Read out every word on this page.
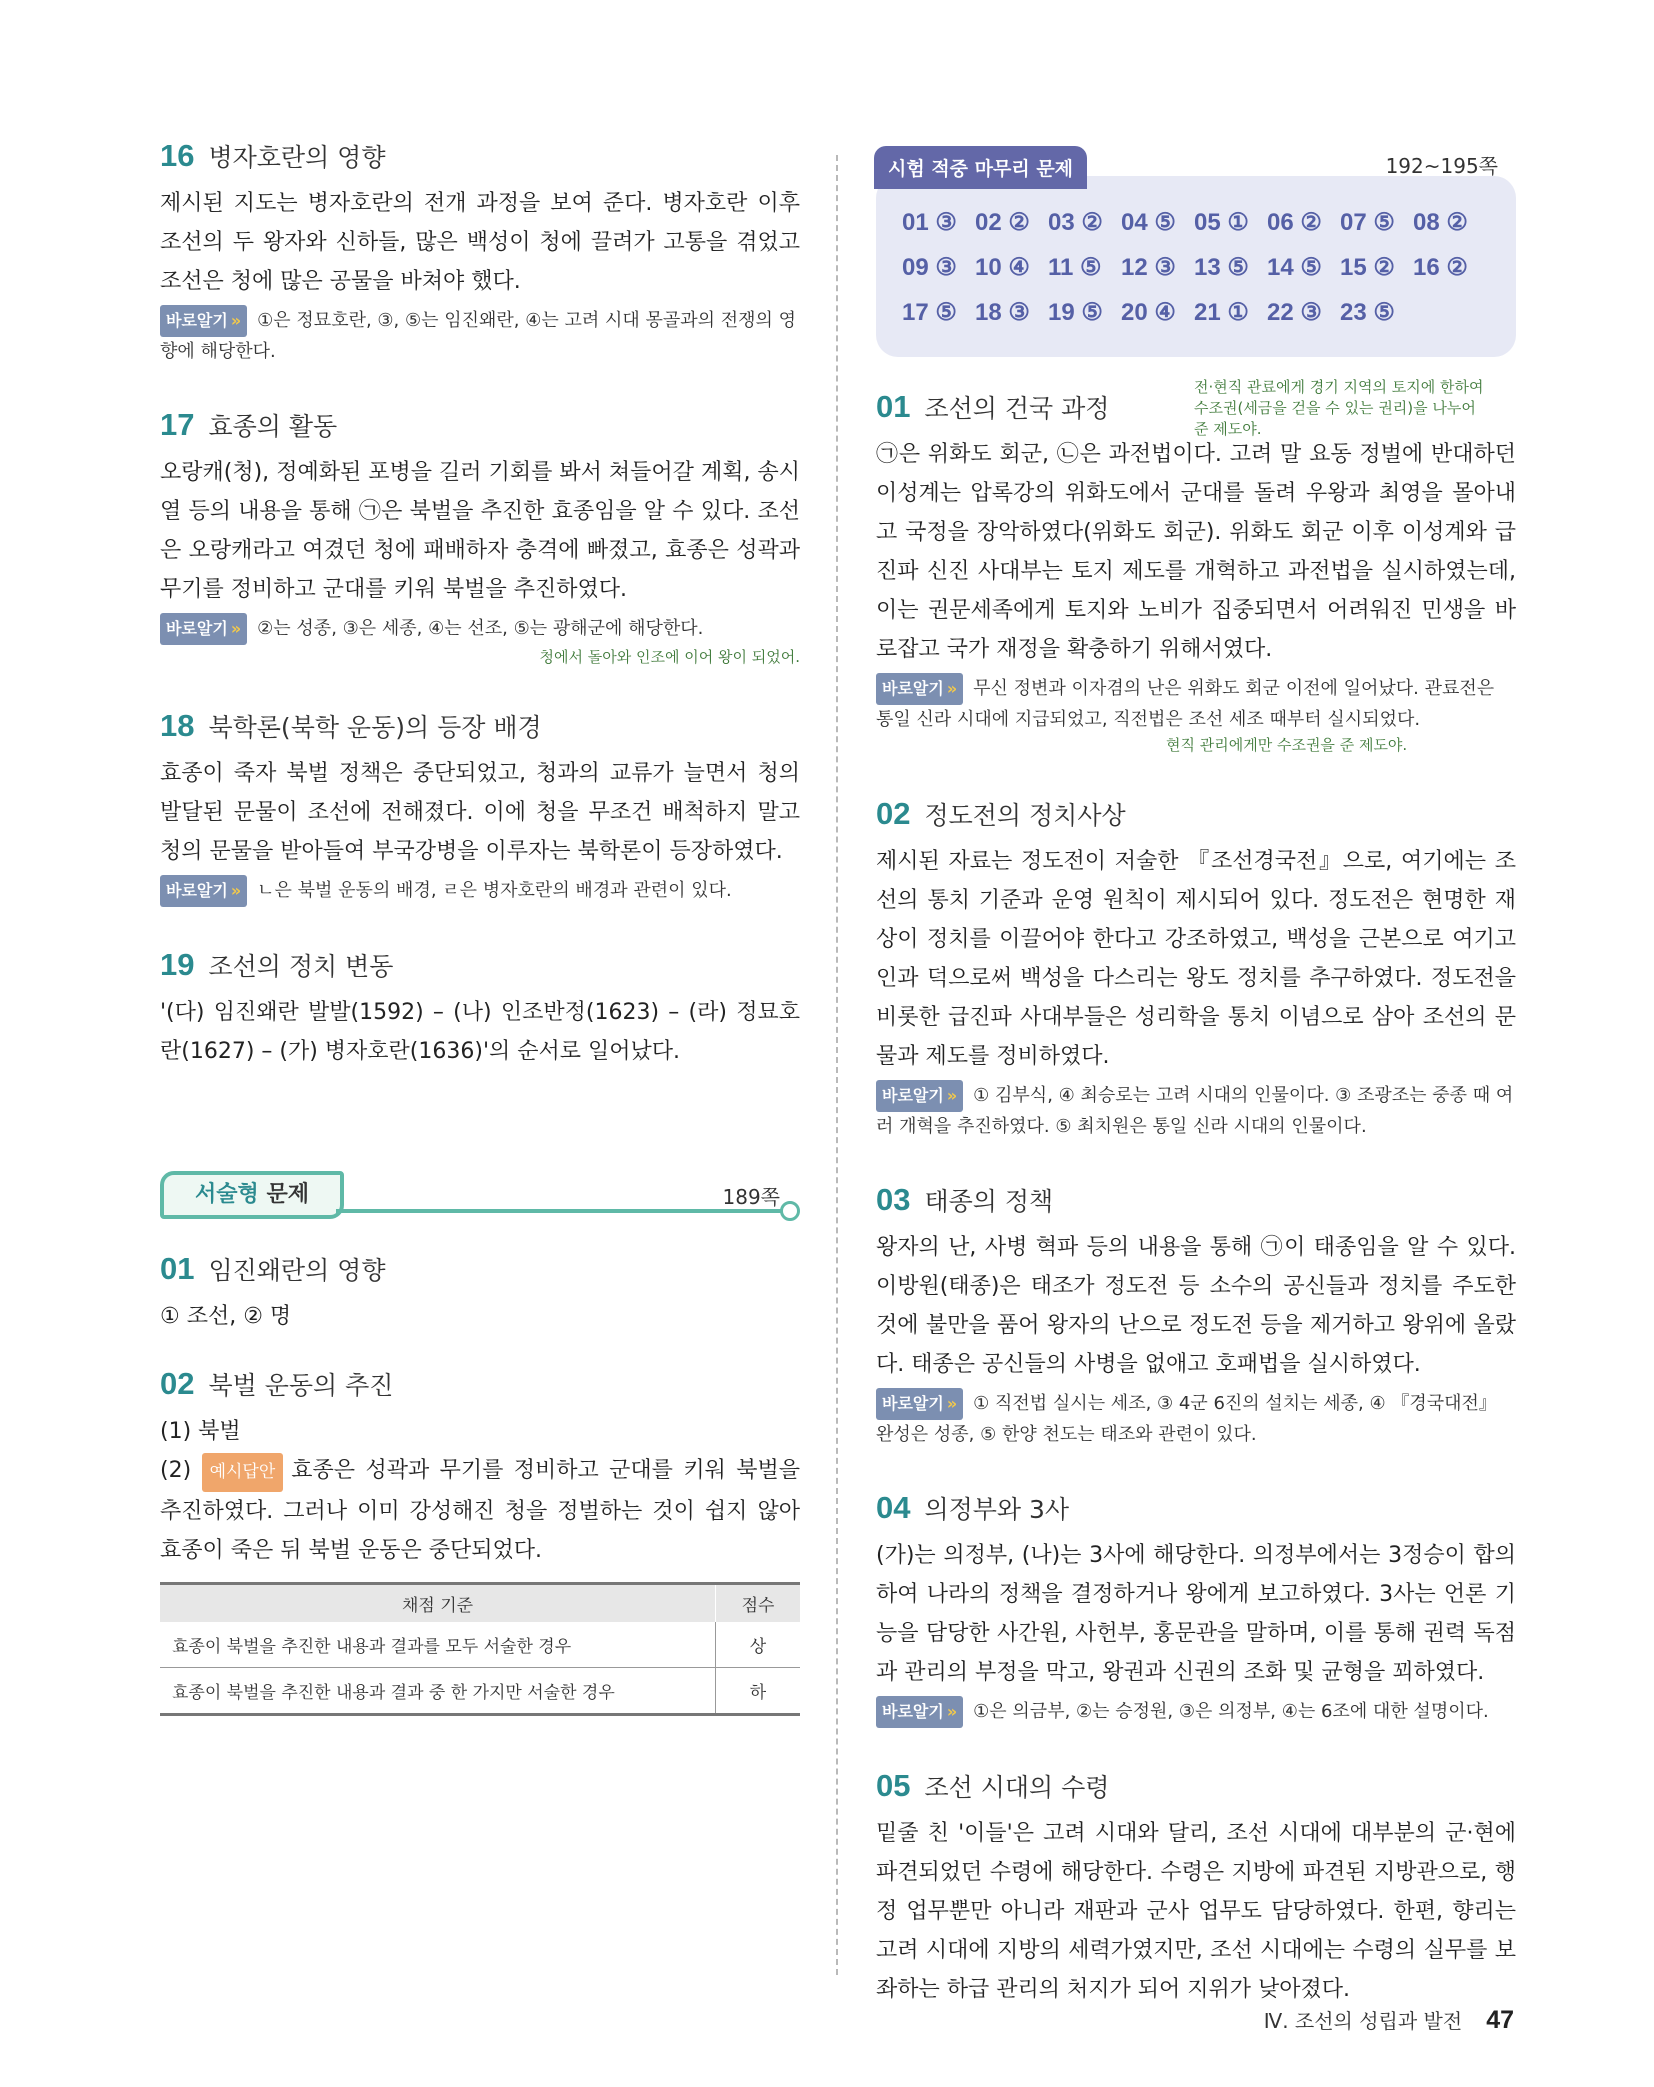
16 병자호란의 영향
제시된 지도는 병자호란의 전개 과정을 보여 준다. 병자호란 이후 조선의 두 왕자와 신하들, 많은 백성이 청에 끌려가 고통을 겪었고 조선은 청에 많은 공물을 바쳐야 했다.
바로알기 » ①은 정묘호란, ③, ⑤는 임진왜란, ④는 고려 시대 몽골과의 전쟁의 영향에 해당한다.
17 효종의 활동
오랑캐(청), 정예화된 포병을 길러 기회를 봐서 쳐들어갈 계획, 송시열 등의 내용을 통해 ㉠은 북벌을 추진한 효종임을 알 수 있다. 조선은 오랑캐라고 여겼던 청에 패배하자 충격에 빠졌고, 효종은 성곽과 무기를 정비하고 군대를 키워 북벌을 추진하였다.
바로알기 » ②는 성종, ③은 세종, ④는 선조, ⑤는 광해군에 해당한다.
청에서 돌아와 인조에 이어 왕이 되었어.
18 북학론(북학 운동)의 등장 배경
효종이 죽자 북벌 정책은 중단되었고, 청과의 교류가 늘면서 청의 발달된 문물이 조선에 전해졌다. 이에 청을 무조건 배척하지 말고 청의 문물을 받아들여 부국강병을 이루자는 북학론이 등장하였다.
바로알기 » ㄴ은 북벌 운동의 배경, ㄹ은 병자호란의 배경과 관련이 있다.
19 조선의 정치 변동
'(다) 임진왜란 발발(1592) – (나) 인조반정(1623) – (라) 정묘호란(1627) – (가) 병자호란(1636)'의 순서로 일어났다.
서술형 문제	189쪽
01 임진왜란의 영향
① 조선, ② 명
02 북벌 운동의 추진
(1) 북벌
(2) 예시답안 효종은 성곽과 무기를 정비하고 군대를 키워 북벌을 추진하였다. 그러나 이미 강성해진 청을 정벌하는 것이 쉽지 않아 효종이 죽은 뒤 북벌 운동은 중단되었다.
채점 기준	점수
효종이 북벌을 추진한 내용과 결과를 모두 서술한 경우	상
효종이 북벌을 추진한 내용과 결과 중 한 가지만 서술한 경우	하
시험 적중 마무리 문제	192~195쪽
01 ③ 02 ② 03 ② 04 ⑤ 05 ① 06 ② 07 ⑤ 08 ②
09 ③ 10 ④ 11 ⑤ 12 ③ 13 ⑤ 14 ⑤ 15 ② 16 ②
17 ⑤ 18 ③ 19 ⑤ 20 ④ 21 ① 22 ③ 23 ⑤
01 조선의 건국 과정
전·현직 관료에게 경기 지역의 토지에 한하여 수조권(세금을 걷을 수 있는 권리)을 나누어 준 제도야.
㉠은 위화도 회군, ㉡은 과전법이다. 고려 말 요동 정벌에 반대하던 이성계는 압록강의 위화도에서 군대를 돌려 우왕과 최영을 몰아내고 국정을 장악하였다(위화도 회군). 위화도 회군 이후 이성계와 급진파 신진 사대부는 토지 제도를 개혁하고 과전법을 실시하였는데, 이는 권문세족에게 토지와 노비가 집중되면서 어려워진 민생을 바로잡고 국가 재정을 확충하기 위해서였다.
바로알기 » 무신 정변과 이자겸의 난은 위화도 회군 이전에 일어났다. 관료전은 통일 신라 시대에 지급되었고, 직전법은 조선 세조 때부터 실시되었다.
현직 관리에게만 수조권을 준 제도야.
02 정도전의 정치사상
제시된 자료는 정도전이 저술한 『조선경국전』으로, 여기에는 조선의 통치 기준과 운영 원칙이 제시되어 있다. 정도전은 현명한 재상이 정치를 이끌어야 한다고 강조하였고, 백성을 근본으로 여기고 인과 덕으로써 백성을 다스리는 왕도 정치를 추구하였다. 정도전을 비롯한 급진파 사대부들은 성리학을 통치 이념으로 삼아 조선의 문물과 제도를 정비하였다.
바로알기 » ① 김부식, ④ 최승로는 고려 시대의 인물이다. ③ 조광조는 중종 때 여러 개혁을 추진하였다. ⑤ 최치원은 통일 신라 시대의 인물이다.
03 태종의 정책
왕자의 난, 사병 혁파 등의 내용을 통해 ㉠이 태종임을 알 수 있다. 이방원(태종)은 태조가 정도전 등 소수의 공신들과 정치를 주도한 것에 불만을 품어 왕자의 난으로 정도전 등을 제거하고 왕위에 올랐다. 태종은 공신들의 사병을 없애고 호패법을 실시하였다.
바로알기 » ① 직전법 실시는 세조, ③ 4군 6진의 설치는 세종, ④ 『경국대전』 완성은 성종, ⑤ 한양 천도는 태조와 관련이 있다.
04 의정부와 3사
(가)는 의정부, (나)는 3사에 해당한다. 의정부에서는 3정승이 합의하여 나라의 정책을 결정하거나 왕에게 보고하였다. 3사는 언론 기능을 담당한 사간원, 사헌부, 홍문관을 말하며, 이를 통해 권력 독점과 관리의 부정을 막고, 왕권과 신권의 조화 및 균형을 꾀하였다.
바로알기 » ①은 의금부, ②는 승정원, ③은 의정부, ④는 6조에 대한 설명이다.
05 조선 시대의 수령
밑줄 친 '이들'은 고려 시대와 달리, 조선 시대에 대부분의 군·현에 파견되었던 수령에 해당한다. 수령은 지방에 파견된 지방관으로, 행정 업무뿐만 아니라 재판과 군사 업무도 담당하였다. 한편, 향리는 고려 시대에 지방의 세력가였지만, 조선 시대에는 수령의 실무를 보좌하는 하급 관리의 처지가 되어 지위가 낮아졌다.
Ⅳ. 조선의 성립과 발전 47
